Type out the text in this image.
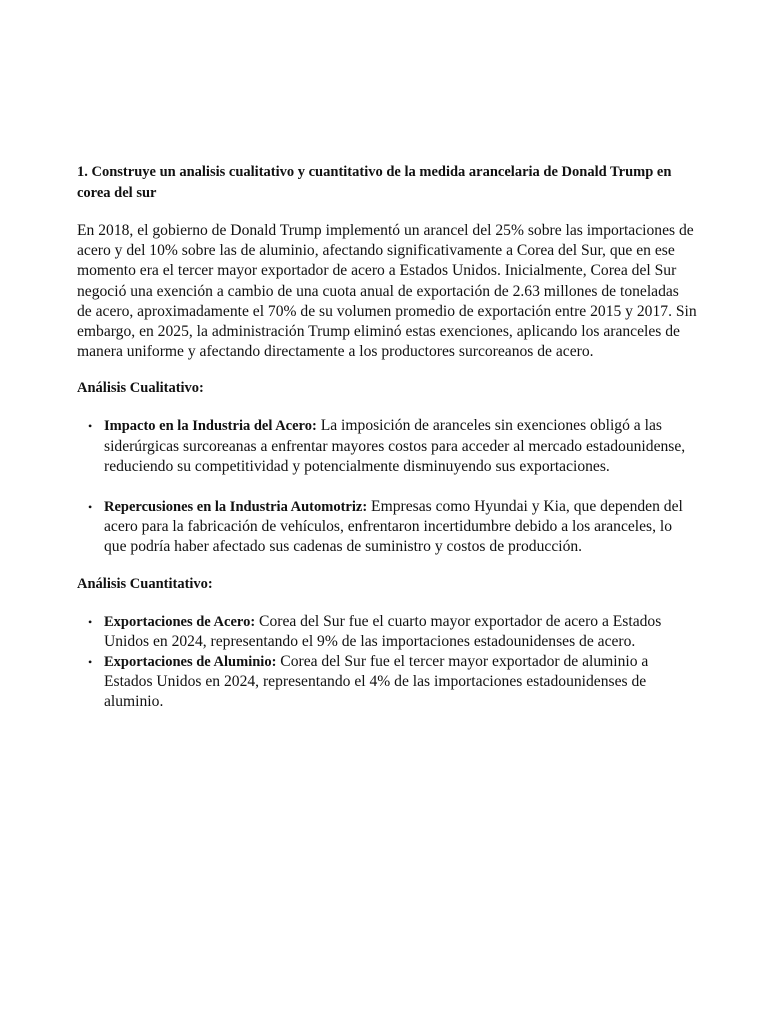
1. Construye un analisis cualitativo y cuantitativo de la medida arancelaria de Donald Trump en corea del sur
En 2018, el gobierno de Donald Trump implementó un arancel del 25% sobre las importaciones de acero y del 10% sobre las de aluminio, afectando significativamente a Corea del Sur, que en ese momento era el tercer mayor exportador de acero a Estados Unidos. Inicialmente, Corea del Sur negoció una exención a cambio de una cuota anual de exportación de 2.63 millones de toneladas de acero, aproximadamente el 70% de su volumen promedio de exportación entre 2015 y 2017. Sin embargo, en 2025, la administración Trump eliminó estas exenciones, aplicando los aranceles de manera uniforme y afectando directamente a los productores surcoreanos de acero.
Análisis Cualitativo:
• Impacto en la Industria del Acero: La imposición de aranceles sin exenciones obligó a las siderúrgicas surcoreanas a enfrentar mayores costos para acceder al mercado estadounidense, reduciendo su competitividad y potencialmente disminuyendo sus exportaciones.
• Repercusiones en la Industria Automotriz: Empresas como Hyundai y Kia, que dependen del acero para la fabricación de vehículos, enfrentaron incertidumbre debido a los aranceles, lo que podría haber afectado sus cadenas de suministro y costos de producción.
Análisis Cuantitativo:
• Exportaciones de Acero: Corea del Sur fue el cuarto mayor exportador de acero a Estados Unidos en 2024, representando el 9% de las importaciones estadounidenses de acero.
• Exportaciones de Aluminio: Corea del Sur fue el tercer mayor exportador de aluminio a Estados Unidos en 2024, representando el 4% de las importaciones estadounidenses de aluminio.
